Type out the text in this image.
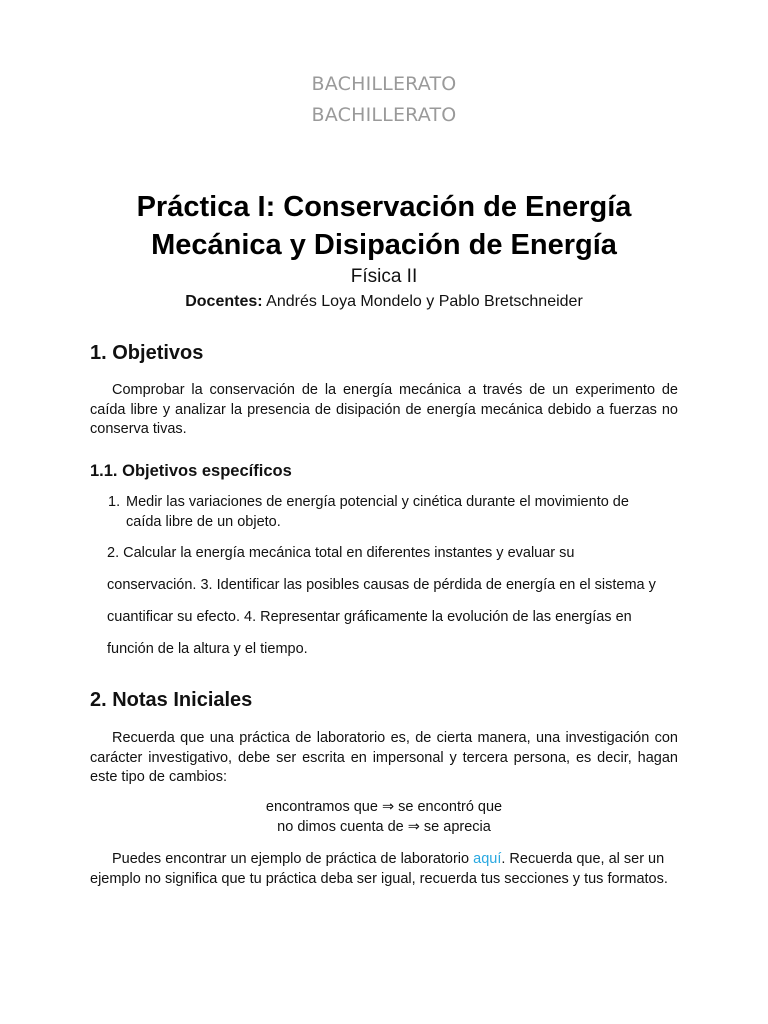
BACHILLERATO
BACHILLERATO
Práctica I: Conservación de Energía
Mecánica y Disipación de Energía
Física II
Docentes: Andrés Loya Mondelo y Pablo Bretschneider
1. Objetivos
Comprobar la conservación de la energía mecánica a través de un experimento de caída libre y analizar la presencia de disipación de energía mecánica debido a fuerzas no conserva tivas.
1.1. Objetivos específicos
1. Medir las variaciones de energía potencial y cinética durante el movimiento de
caída libre de un objeto.
2. Calcular la energía mecánica total en diferentes instantes y evaluar su
conservación. 3. Identificar las posibles causas de pérdida de energía en el sistema y
cuantificar su efecto. 4. Representar gráficamente la evolución de las energías en
función de la altura y el tiempo.
2. Notas Iniciales
Recuerda que una práctica de laboratorio es, de cierta manera, una investigación con carácter investigativo, debe ser escrita en impersonal y tercera persona, es decir, hagan este tipo de cambios:
encontramos que ⇒ se encontró que
no dimos cuenta de ⇒ se aprecia
Puedes encontrar un ejemplo de práctica de laboratorio aquí. Recuerda que, al ser un ejemplo no significa que tu práctica deba ser igual, recuerda tus secciones y tus formatos.
